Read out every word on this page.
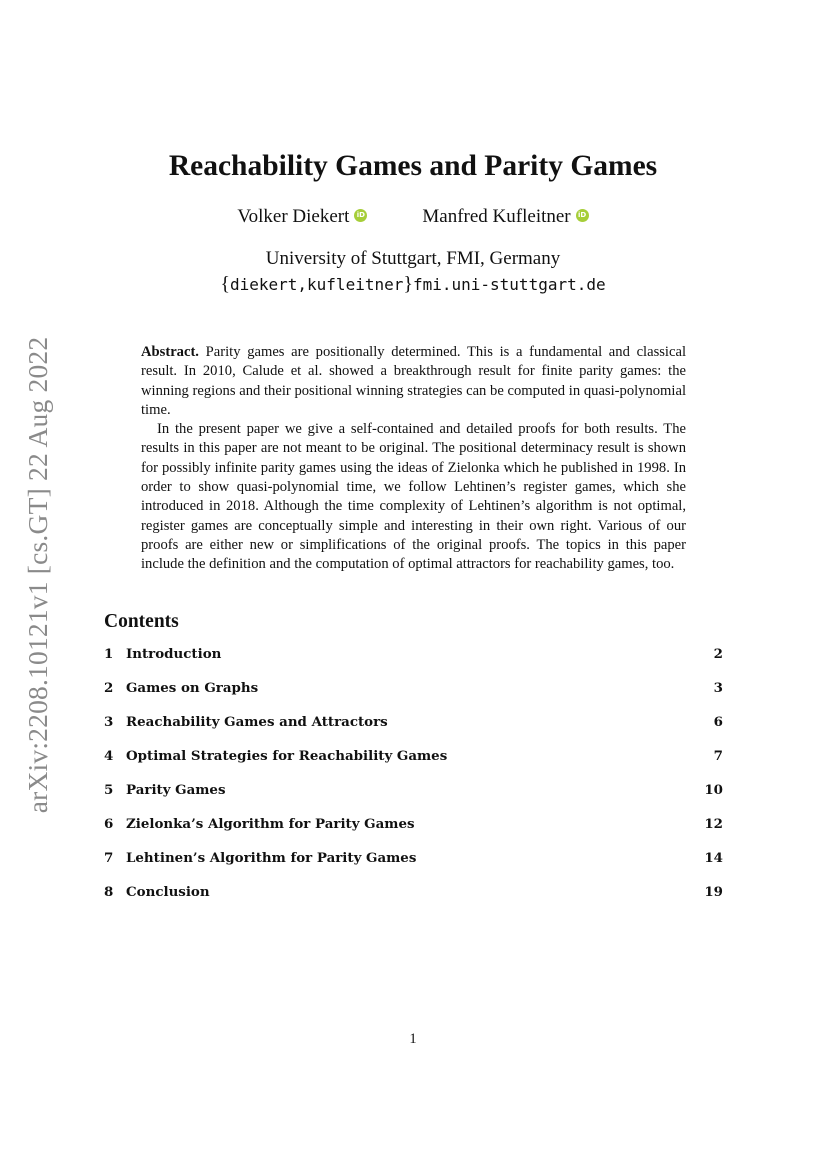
arXiv:2208.10121v1 [cs.GT] 22 Aug 2022
Reachability Games and Parity Games
Volker Diekert	iD	Manfred Kufleitner	iD
University of Stuttgart, FMI, Germany
{diekert,kufleitner}fmi.uni-stuttgart.de

Abstract. Parity games are positionally determined. This is a fundamental and classical result. In 2010, Calude et al. showed a breakthrough result for finite parity games: the winning regions and their positional winning strategies can be computed in quasi-polynomial time.

In the present paper we give a self-contained and detailed proofs for both results. The results in this paper are not meant to be original. The positional determinacy result is shown for possibly infinite parity games using the ideas of Zielonka which he published in 1998. In order to show quasi-polynomial time, we follow Lehtinen’s register games, which she introduced in 2018. Although the time complexity of Lehtinen’s algorithm is not optimal, register games are conceptually simple and interesting in their own right. Various of our proofs are either new or simplifications of the original proofs. The topics in this paper include the definition and the computation of optimal attractors for reachability games, too.

Contents
1 Introduction	2
2 Games on Graphs	3
3 Reachability Games and Attractors	6
4 Optimal Strategies for Reachability Games	7
5 Parity Games	10
6 Zielonka’s Algorithm for Parity Games	12
7 Lehtinen’s Algorithm for Parity Games	14
8 Conclusion	19
1
